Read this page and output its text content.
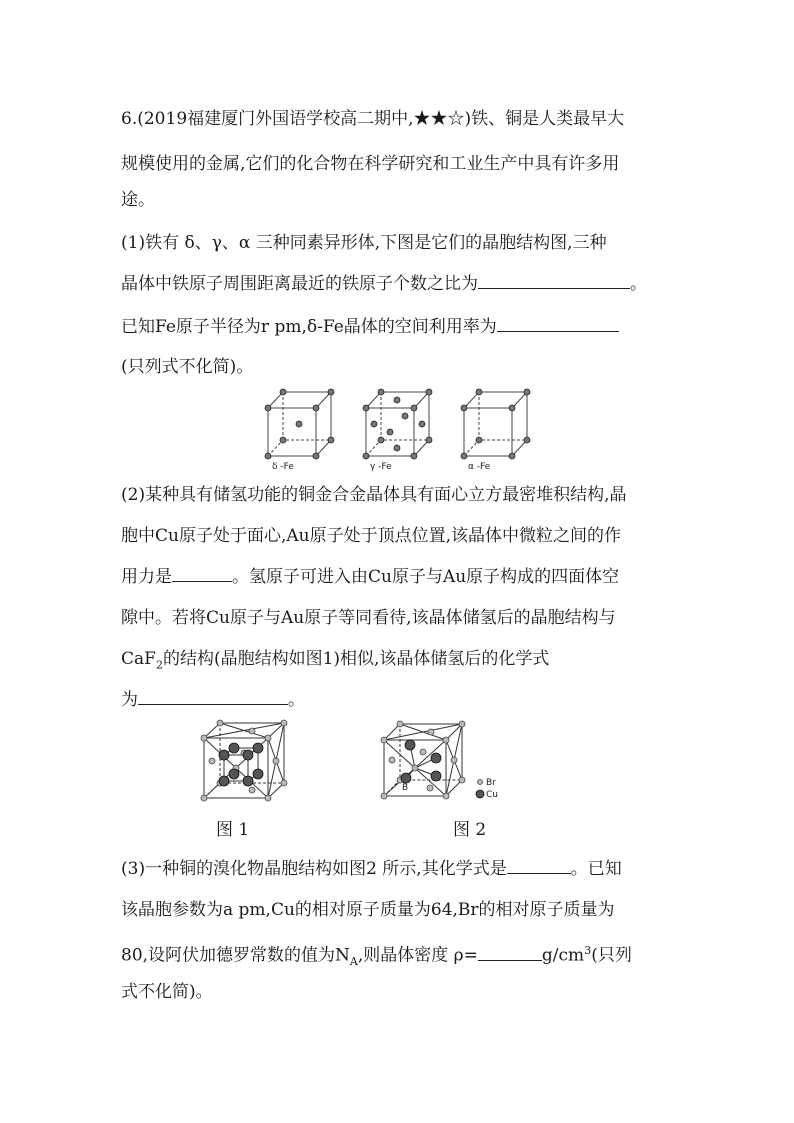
6.(2019福建厦门外国语学校高二期中,★★☆)铁、铜是人类最早大
规模使用的金属,它们的化合物在科学研究和工业生产中具有许多用
途。
(1)铁有 δ、γ、α 三种同素异形体,下图是它们的晶胞结构图,三种
晶体中铁原子周围距离最近的铁原子个数之比为	。
已知Fe原子半径为r pm,δ-Fe晶体的空间利用率为
(只列式不化简)。
δ -Fe	γ -Fe	α -Fe
(2)某种具有储氢功能的铜金合金晶体具有面心立方最密堆积结构,晶
胞中Cu原子处于面心,Au原子处于顶点位置,该晶体中微粒之间的作
用力是	。氢原子可进入由Cu原子与Au原子构成的四面体空
隙中。若将Cu原子与Au原子等同看待,该晶体储氢后的晶胞结构与
CaF$_2$的结构(晶胞结构如图1)相似,该晶体储氢后的化学式
为	。
图 1
B	Br
Cu
图 2
(3)一种铜的溴化物晶胞结构如图2 所示,其化学式是	。已知
该晶胞参数为a pm,Cu的相对原子质量为64,Br的相对原子质量为
80,设阿伏加德罗常数的值为$N_A$,则晶体密度 ρ=	$g/cm^3$(只列
式不化简)。
